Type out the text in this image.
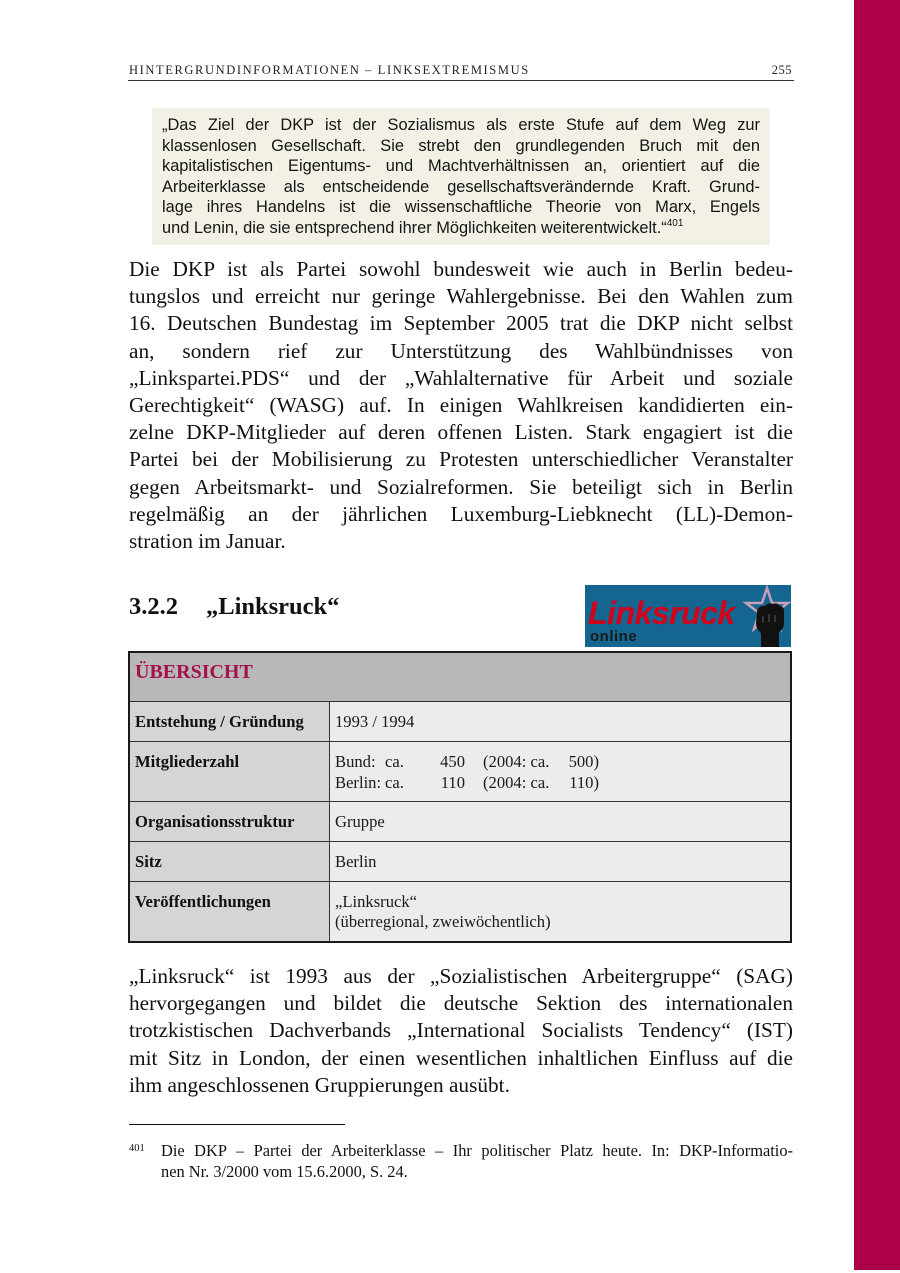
HINTERGRUNDINFORMATIONEN – LINKSEXTREMISMUS	255
„Das Ziel der DKP ist der Sozialismus als erste Stufe auf dem Weg zur
klassenlosen Gesellschaft. Sie strebt den grundlegenden Bruch mit den
kapitalistischen Eigentums- und Machtverhältnissen an, orientiert auf die
Arbeiterklasse als entscheidende gesellschaftsverändernde Kraft. Grund-
lage ihres Handelns ist die wissenschaftliche Theorie von Marx, Engels
und Lenin, die sie entsprechend ihrer Möglichkeiten weiterentwickelt.“$^{401}$
Die DKP ist als Partei sowohl bundesweit wie auch in Berlin bedeu-
tungslos und erreicht nur geringe Wahlergebnisse. Bei den Wahlen zum
16. Deutschen Bundestag im September 2005 trat die DKP nicht selbst
an, sondern rief zur Unterstützung des Wahlbündnisses von
„Linkspartei.PDS“ und der „Wahlalternative für Arbeit und soziale
Gerechtigkeit“ (WASG) auf. In einigen Wahlkreisen kandidierten ein-
zelne DKP-Mitglieder auf deren offenen Listen. Stark engagiert ist die
Partei bei der Mobilisierung zu Protesten unterschiedlicher Veranstalter
gegen Arbeitsmarkt- und Sozialreformen. Sie beteiligt sich in Berlin
regelmäßig an der jährlichen Luxemburg-Liebknecht (LL)-Demon-
stration im Januar.
3.2.2 „Linksruck“	Linksruck
online
ÜBERSICHT	
Entstehung / Gründung	1993 / 1994
Mitgliederzahl	Bund: ca.	450	(2004: ca.	500)
Berlin: ca.	110	(2004: ca.	110)

Organisationsstruktur	Gruppe
Sitz	Berlin
Veröffentlichungen	„Linksruck“
(überregional, zweiwöchentlich)
„Linksruck“ ist 1993 aus der „Sozialistischen Arbeitergruppe“ (SAG)
hervorgegangen und bildet die deutsche Sektion des internationalen
trotzkistischen Dachverbands „International Socialists Tendency“ (IST)
mit Sitz in London, der einen wesentlichen inhaltlichen Einfluss auf die
ihm angeschlossenen Gruppierungen ausübt.
401 Die DKP – Partei der Arbeiterklasse – Ihr politischer Platz heute. In: DKP-Informatio-
nen Nr. 3/2000 vom 15.6.2000, S. 24.
